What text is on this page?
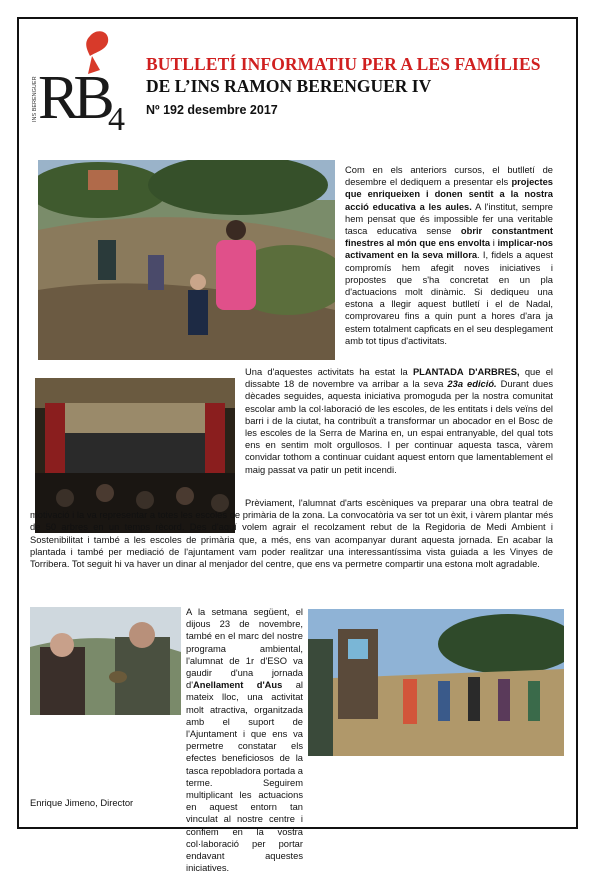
RB 4
INS BERENGUER
BUTLLETÍ INFORMATIU PER A LES FAMÍLIES
DE L’INS RAMON BERENGUER IV
Nº 192 desembre 2017

Com en els anteriors cursos, el butlletí de desembre el dediquem a presentar els projectes que enriqueixen i donen sentit a la nostra acció educativa a les aules. A l'institut, sempre hem pensat que és impossible fer una veritable tasca educativa sense obrir constantment finestres al món que ens envolta i implicar-nos activament en la seva millora. I, fidels a aquest compromís hem afegit noves iniciatives i propostes que s'ha concretat en un pla d'actuacions molt dinàmic. Si dediqueu una estona a llegir aquest butlletí i el de Nadal, comprovareu fins a quin punt a hores d'ara ja estem totalment capficats en el seu desplegament amb tot tipus d'activitats.

Una d'aquestes activitats ha estat la PLANTADA D'ARBRES, que el dissabte 18 de novembre va arribar a la seva 23a edició. Durant dues dècades seguides, aquesta iniciativa promoguda per la nostra comunitat escolar amb la col·laboració de les escoles, de les entitats i dels veïns del barri i de la ciutat, ha contribuït a transformar un abocador en el Bosc de les escoles de la Serra de Marina en, un espai entranyable, del qual tots ens en sentim molt orgullosos. I per continuar aquesta tasca, vàrem convidar tothom a continuar cuidant aquest entorn que lamentablement el maig passat va patir un petit incendi.

Prèviament, l'alumnat d'arts escèniques va preparar una obra teatral de motivació i la va representar a totes les escoles de primària de la zona. La convocatòria va ser tot un èxit, i vàrem plantar més de 50 arbres en un temps rècord. Des d'aquí volem agrair el recolzament rebut de la Regidoria de Medi Ambient i Sostenibilitat i també a les escoles de primària que, a més, ens van acompanyar durant aquesta jornada. En acabar la plantada i també per mediació de l'ajuntament vam poder realitzar una interessantíssima vista guiada a les Vinyes de Torribera. Tot seguit hi va haver un dinar al menjador del centre, que ens va permetre compartir una estona molt agradable.

A la setmana següent, el dijous 23 de novembre, també en el marc del nostre programa ambiental, l'alumnat de 1r d'ESO va gaudir d'una jornada d'Anellament d'Aus al mateix lloc, una activitat molt atractiva, organitzada amb el suport de l'Ajuntament i que ens va permetre constatar els efectes beneficiosos de la tasca repobladora portada a terme. Seguirem multiplicant les actuacions en aquest entorn tan vinculat al nostre centre i confiem en la vostra col·laboració per portar endavant aquestes iniciatives.

Enrique Jimeno, Director
